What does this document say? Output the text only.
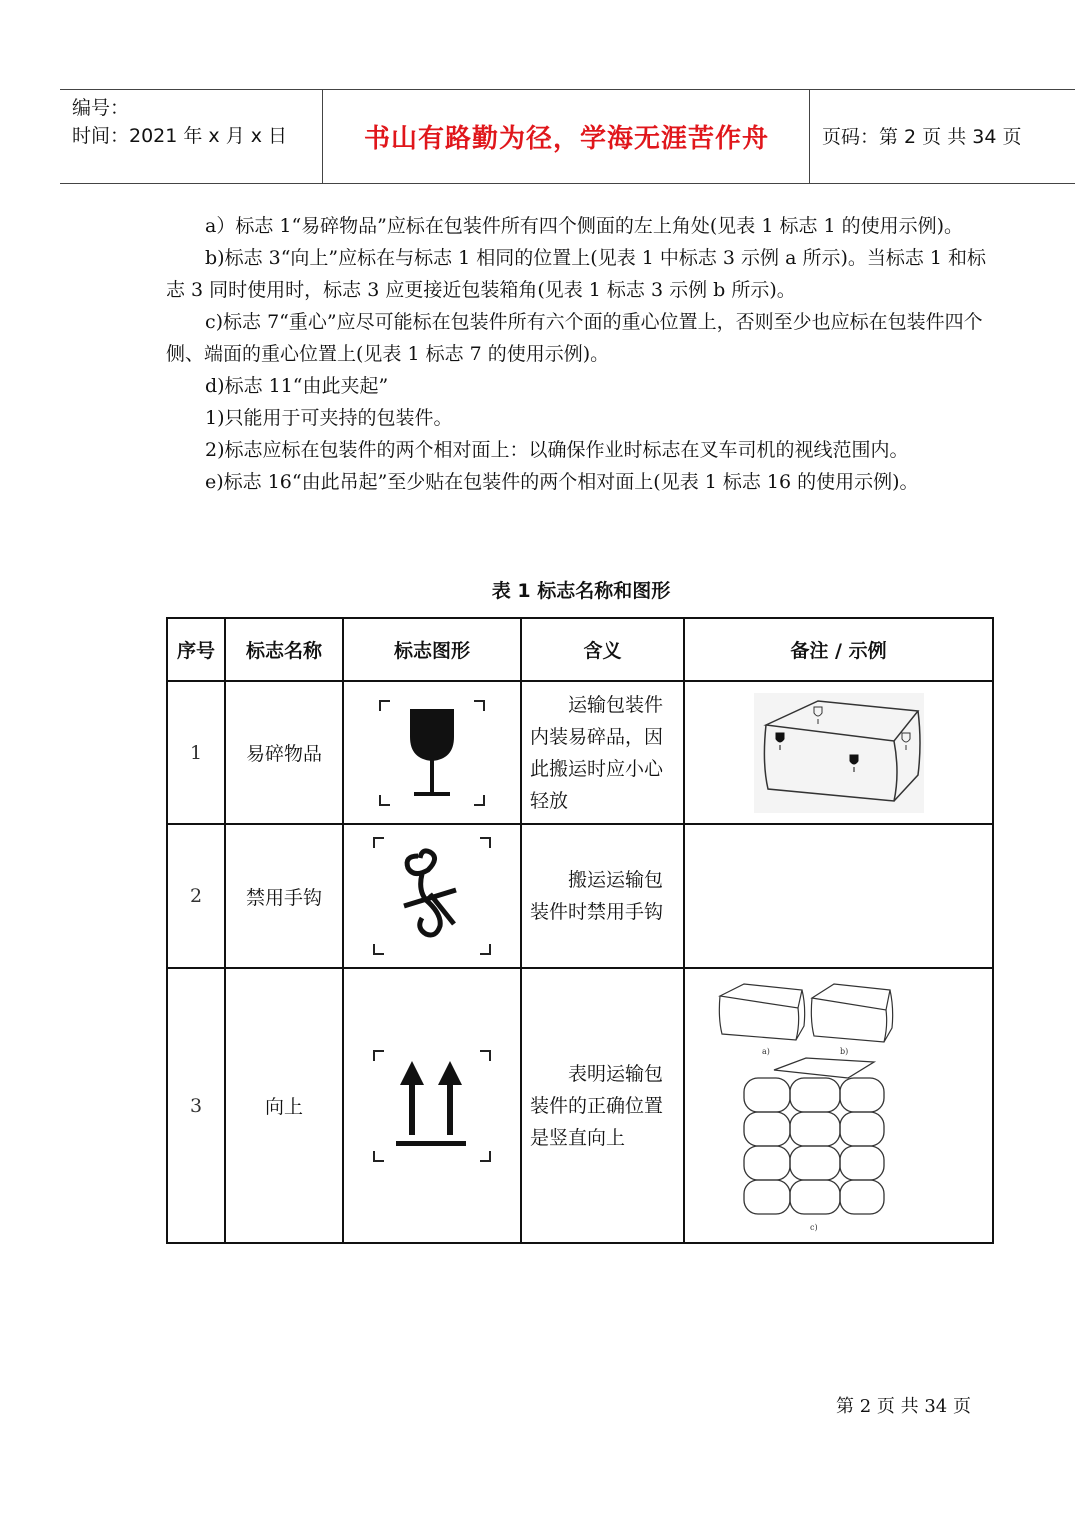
编号：
时间：2021 年 x 月 x 日	书山有路勤为径，学海无涯苦作舟	页码：第 2 页 共 34 页

a）标志 1“易碎物品”应标在包装件所有四个侧面的左上角处(见表 1 标志 1 的使用示例)。

b)标志 3“向上”应标在与标志 1 相同的位置上(见表 1 中标志 3 示例 a 所示)。当标志 1 和标志 3 同时使用时，标志 3 应更接近包装箱角(见表 1 标志 3 示例 b 所示)。

c)标志 7“重心”应尽可能标在包装件所有六个面的重心位置上，否则至少也应标在包装件四个侧、端面的重心位置上(见表 1 标志 7 的使用示例)。

d)标志 11“由此夹起”

1)只能用于可夹持的包装件。

2)标志应标在包装件的两个相对面上：以确保作业时标志在叉车司机的视线范围内。

e)标志 16“由此吊起”至少贴在包装件的两个相对面上(见表 1 标志 16 的使用示例)。

表 1 标志名称和图形
序号	标志名称	标志图形	含义	备注 / 示例
1	易碎物品		运输包装件内装易碎品，因此搬运时应小心轻放

2	禁用手钩		搬运运输包装件时禁用手钩	

3	向上		表明运输包装件的正确位置是竖直向上	a) b)
c)
第 2 页 共 34 页
